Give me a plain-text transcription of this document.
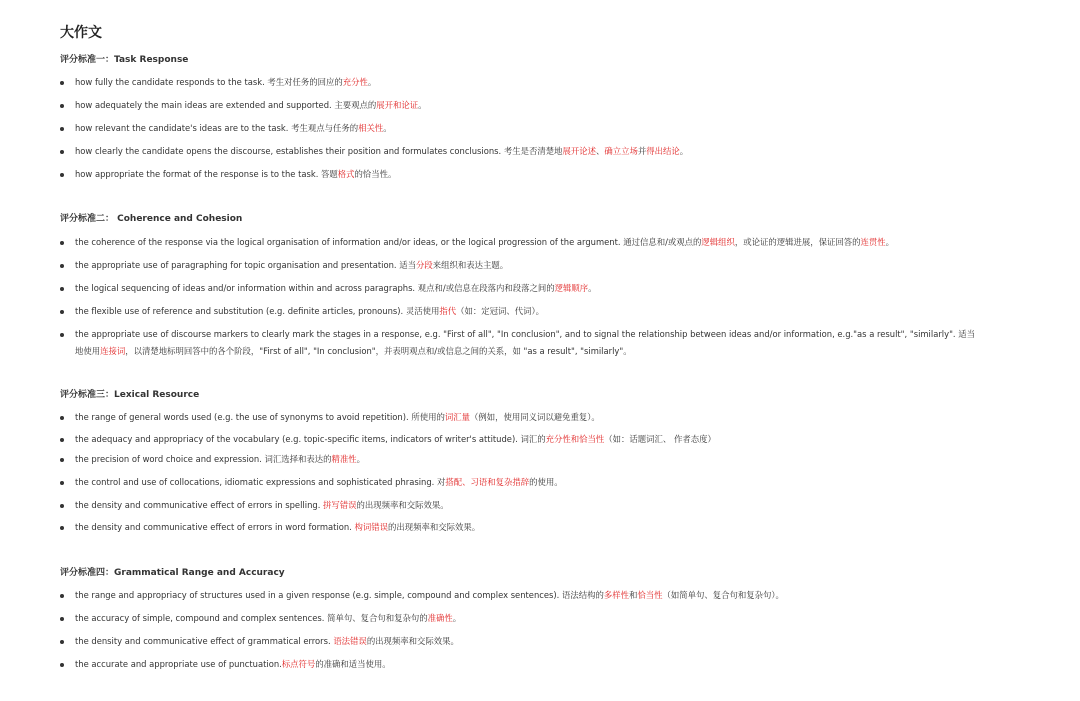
大作文
评分标准一：Task Response
how fully the candidate responds to the task. 考生对任务的回应的充分性。
how adequately the main ideas are extended and supported. 主要观点的展开和论证。
how relevant the candidate's ideas are to the task. 考生观点与任务的相关性。
how clearly the candidate opens the discourse, establishes their position and formulates conclusions. 考生是否清楚地展开论述、确立立场并得出结论。
how appropriate the format of the response is to the task. 答题格式的恰当性。
评分标准二： Coherence and Cohesion
the coherence of the response via the logical organisation of information and/or ideas, or the logical progression of the argument. 通过信息和/或观点的逻辑组织，或论证的逻辑进展，保证回答的连贯性。
the appropriate use of paragraphing for topic organisation and presentation. 适当分段来组织和表达主题。
the logical sequencing of ideas and/or information within and across paragraphs. 观点和/或信息在段落内和段落之间的逻辑顺序。
the flexible use of reference and substitution (e.g. definite articles, pronouns). 灵活使用指代（如：定冠词、代词）。
the appropriate use of discourse markers to clearly mark the stages in a response, e.g. "First of all", "In conclusion", and to signal the relationship between ideas and/or information, e.g."as a result", "similarly". 适当

地使用连接词，以清楚地标明回答中的各个阶段，"First of all", "In conclusion"，并表明观点和/或信息之间的关系，如 "as a result", "similarly"。
评分标准三：Lexical Resource
the range of general words used (e.g. the use of synonyms to avoid repetition). 所使用的词汇量（例如，使用同义词以避免重复）。
the adequacy and appropriacy of the vocabulary (e.g. topic-specific items, indicators of writer's attitude). 词汇的充分性和恰当性（如：话题词汇、 作者态度）
the precision of word choice and expression. 词汇选择和表达的精准性。
the control and use of collocations, idiomatic expressions and sophisticated phrasing. 对搭配、习语和复杂措辞的使用。
the density and communicative effect of errors in spelling. 拼写错误的出现频率和交际效果。
the density and communicative effect of errors in word formation. 构词错误的出现频率和交际效果。
评分标准四：Grammatical Range and Accuracy
the range and appropriacy of structures used in a given response (e.g. simple, compound and complex sentences). 语法结构的多样性和恰当性（如简单句、复合句和复杂句）。
the accuracy of simple, compound and complex sentences. 简单句、复合句和复杂句的准确性。
the density and communicative effect of grammatical errors. 语法错误的出现频率和交际效果。
the accurate and appropriate use of punctuation.标点符号的准确和适当使用。
